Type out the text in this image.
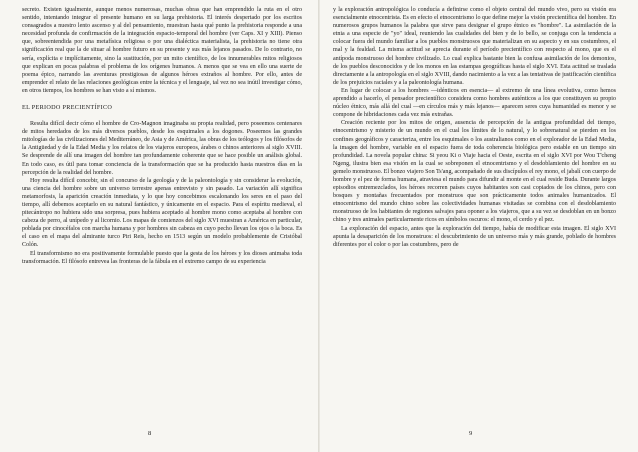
secreto. Existen igualmente, aunque menos numerosas, muchas obras que han emprendido la ruta en el otro sentido, intentando integrar el presente humano en su larga prehistoria. El interés despertado por los escritos consagrados a nuestro lento ascenso y al del pensamiento, muestran hasta qué punto la prehistoria responde a una necesidad profunda de confirmación de la integración espacio-temporal del hombre (ver Caps. XI y XIII). Pienso que, sobreentendida por una metafísica religiosa o por una dialéctica materialista, la prehistoria no tiene otra significación real que la de situar al hombre futuro en su presente y sus más lejanos pasados. De lo contrario, no sería, explícita e implícitamente, sino la sustitución, por un mito científico, de los innumerables mitos religiosos que explican en pocas palabras el problema de los orígenes humanos. A menos que se vea en ello una suerte de poema épico, narrando las aventuras prestigiosas de algunos héroes extraños al hombre. Por ello, antes de emprender el relato de las relaciones geológicas entre la técnica y el lenguaje, tal vez no sea inútil investigar cómo, en otros tiempos, los hombres se han visto a sí mismos.

EL PERIODO PRECIENTÍFICO

Resulta difícil decir cómo el hombre de Cro-Magnon imaginaba su propia realidad, pero poseemos centenares de mitos heredados de los más diversos pueblos, desde los esquimales a los dogones. Poseemos las grandes mitologías de las civilizaciones del Mediterráneo, de Asia y de América, las obras de los teólogos y los filósofos de la Antigüedad y de la Edad Media y los relatos de los viajeros europeos, árabes o chinos anteriores al siglo XVIII. Se desprende de allí una imagen del hombre tan profundamente coherente que se hace posible un análisis global. En todo caso, es útil para tomar conciencia de la transformación que se ha producido hasta nuestros días en la percepción de la realidad del hombre.

Hoy resulta difícil concebir, sin el concurso de la geología y de la paleontología y sin considerar la evolución, una ciencia del hombre sobre un universo terrestre apenas entrevisto y sin pasado. La variación allí significa metamorfosis, la aparición creación inmediata, y lo que hoy concebimos escalonando los seres en el paso del tiempo, allí debemos aceptarlo en su natural fantástico, y únicamente en el espacio. Para el espíritu medieval, el pitecántropo no hubiera sido una sorpresa, pues hubiera aceptado al hombre mono como aceptaba al hombre con cabeza de perro, al unípedo y al licornio. Los mapas de comienzos del siglo XVI muestran a América en particular, poblada por cinocéfalos con marcha humana y por hombres sin cabeza en cuyo pecho llevan los ojos o la boca. Es el caso en el mapa del almirante turco Piri Reis, hecho en 1513 según un modelo probablemente de Cristóbal Colón.

El transformismo no era positivamente formulable puesto que la gesta de los héroes y los dioses animaba toda transformación. El filósofo entrevea las fronteras de la fábula en el extremo campo de su experiencia

8

y la exploración antropológica lo conducía a definirse como el objeto central del mundo vivo, pero su visión era esencialmente etnocentrista. Es en efecto el etnocentrismo lo que define mejor la visión precientífica del hombre. En numerosos grupos humanos la palabra que sirve para designar el grupo étnico es "hombre". La asimilación de la etnia a una especie de "yo" ideal, reuniendo las cualidades del bien y de lo bello, se conjuga con la tendencia a colocar fuera del mundo familiar a los pueblos monstruosos que materializan en su aspecto y en sus costumbres, el mal y la fealdad. La misma actitud se aprecia durante el período precientífico con respecto al mono, que es el antípoda monstruoso del hombre civilizado. Lo cual explica bastante bien la confusa asimilación de los demonios, de los pueblos desconocidos y de los monos en las estampas geográficas hasta el siglo XVI. Esta actitud se traslada directamente a la antropología en el siglo XVIII, dando nacimiento a la vez a las tentativas de justificación científica de los prejuicios raciales y a la paleontología humana.

En lugar de colocar a los hombres —idénticos en esencia— al extremo de una línea evolutiva, como hemos aprendido a hacerlo, el pensador precientífico considera como hombres auténticos a los que constituyen su propio núcleo étnico, más allá del cual —en círculos más y más lejanos— aparecen seres cuya humanidad es menor y se compone de hibridaciones cada vez más extrañas.

Creación reciente por los mitos de origen, ausencia de percepción de la antigua profundidad del tiempo, etnocentrismo y misterio de un mundo en el cual los límites de lo natural, y lo sobrenatural se pierden en los confines geográficos y caracteriza, entre los esquimales o los australianos como en el explorador de la Edad Media, la imagen del hombre, variable en el espacio fuera de toda coherencia biológica pero estable en un tiempo sin profundidad. La novela popular china: Si yeou Ki o Viaje hacia el Oeste, escrita en el siglo XVI por Wou T'cheng Ngeng, ilustra bien esa visión en la cual se sobreponen el etnocentrismo y el desdoblamiento del hombre en su gemelo monstruoso. El bonzo viajero Son Ts'ang, acompañado de sus discípulos el rey mono, el jabalí con cuerpo de hombre y el pez de forma humana, atraviesa el mundo para difundir al monte en el cual reside Buda. Durante largos episodios entremezclados, los héroes recorren países cuyos habitantes son casi copiados de los chinos, pero con bosques y montañas frecuentados por monstruos que son prácticamente todos animales humanizados. El etnocentrismo del mundo chino sobre las colectividades humanas visitadas se combina con el desdoblamiento monstruoso de los habitantes de regiones salvajes para oponer a los viajeros, que a su vez se desdoblan en un bonzo chino y tres animales particularmente ricos en símbolos oscuros: el mono, el cerdo y el pez.

La exploración del espacio, antes que la exploración del tiempo, había de modificar esta imagen. El siglo XVI apunta la desaparición de los monstruos: el descubrimiento de un universo más y más grande, poblado de hombres diferentes por el color o por las costumbres, pero de

9
